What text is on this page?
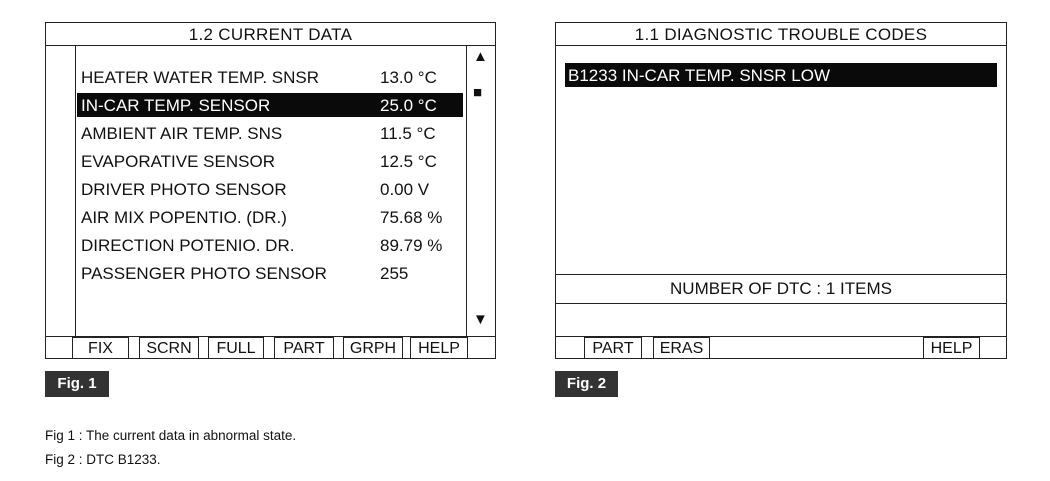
1.2 CURRENT DATA
HEATER WATER TEMP. SNSR	13.0 °C
IN-CAR TEMP. SENSOR	25.0 °C
AMBIENT AIR TEMP. SNS	11.5 °C
EVAPORATIVE SENSOR	12.5 °C
DRIVER PHOTO SENSOR	0.00 V
AIR MIX POPENTIO. (DR.)	75.68 %
DIRECTION POTENIO. DR.	89.79 %
PASSENGER PHOTO SENSOR	255
▲
■
▼
FIX	SCRN	FULL	PART	GRPH	HELP
Fig. 1
1.1 DIAGNOSTIC TROUBLE CODES
B1233 IN-CAR TEMP. SNSR LOW
NUMBER OF DTC : 1 ITEMS
PART	ERAS	HELP
Fig. 2
Fig 1 : The current data in abnormal state.
Fig 2 : DTC B1233.
